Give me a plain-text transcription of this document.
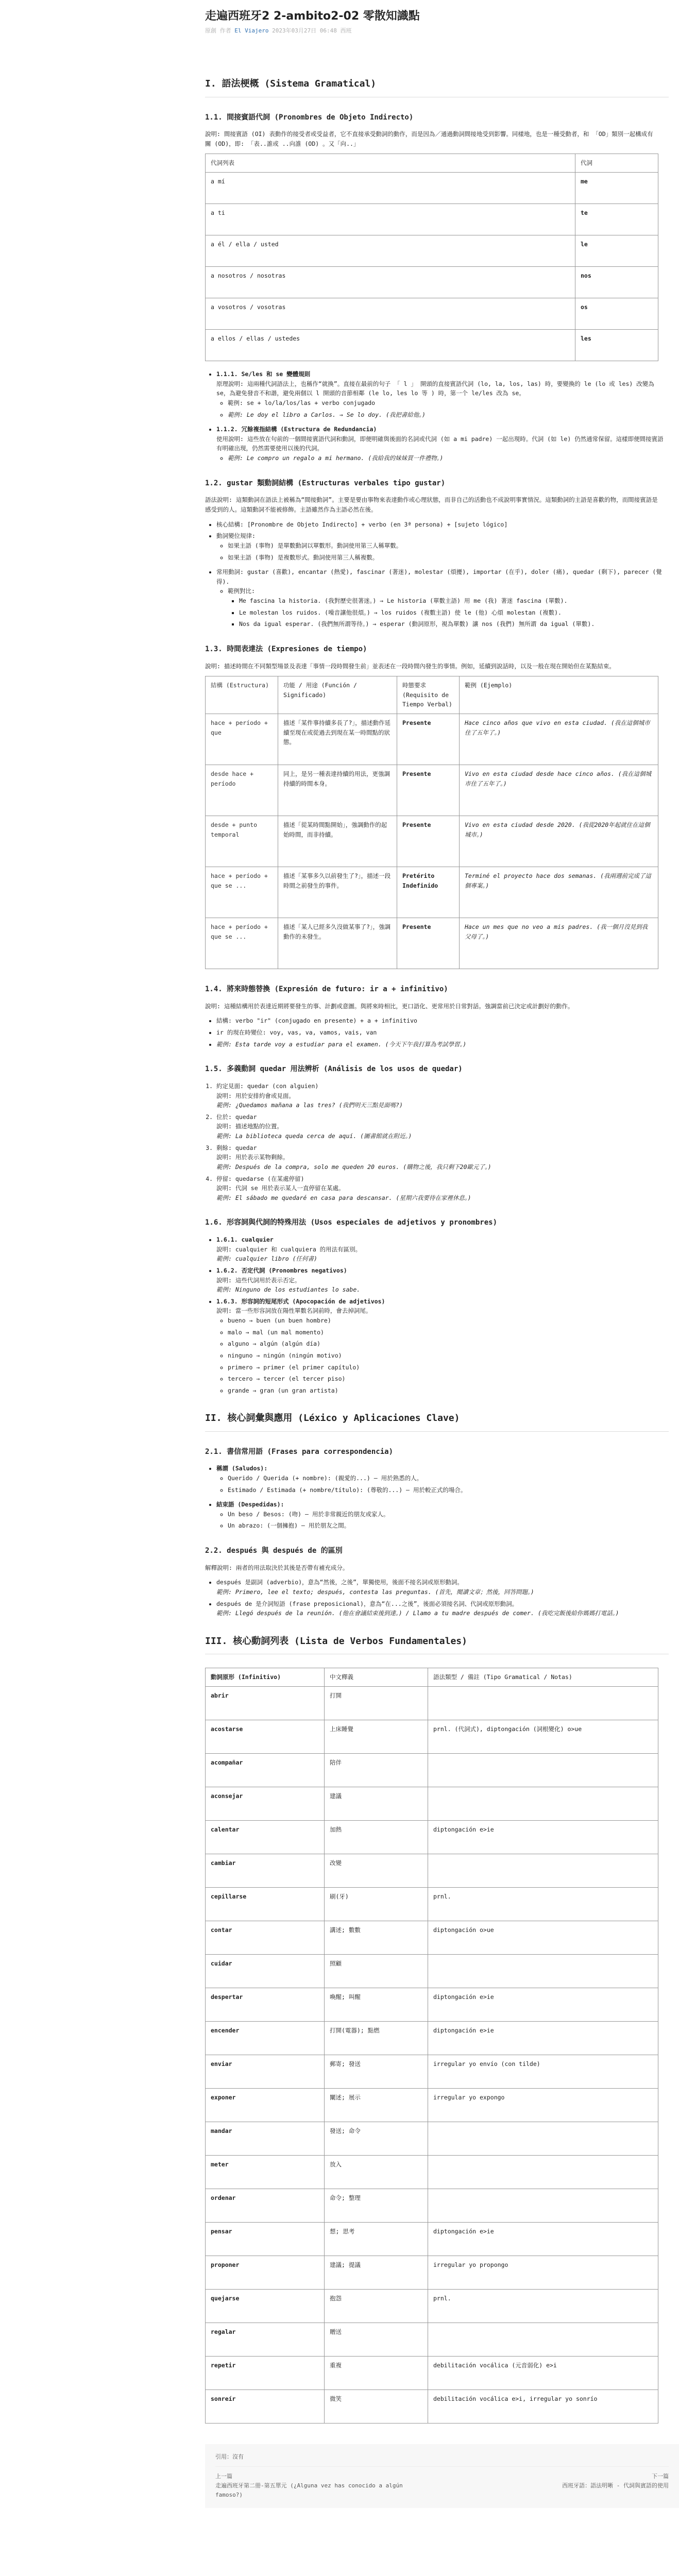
走遍西班牙2 2-ambito2-02 零散知識點
原創 作者 El Viajero 2023年03月27日 06:48 西班
I. 語法梗概 (Sistema Gramatical)
1.1. 間接賓語代詞 (Pronombres de Objeto Indirecto)

說明: 間接賓語 (OI) 表動作的接受者或受益者，它不直接承受動詞的動作，而是因為／通過動詞間接地受到影響。同樣地，也是一種受動者，和 「OD」類別一起構成有關 (OD)，即: 「表..誰或 ..向誰 (OD) 。又「向..」

代詞列表	代詞
a mí	me
a ti	te
a él / ella / usted	le
a nosotros / nosotras	nos
a vosotros / vosotras	os
a ellos / ellas / ustedes	les
• 1.1.1. Se/les 和 se 變體規則
原理說明: 這兩種代詞語法上，也稱作“就換”。直接在最前的句子 「 l 」 開頭的直接賓語代詞 (lo, la, los, las) 時，要變換的 le (lo 或 les) 改變為 se，為避免發音不和諧，避免兩個以 l 開頭的音節相鄰 (le lo, les lo 等 ) 時，第一个 le/les 改為 se。
◦ 範例: se + lo/la/los/las + verbo conjugado
◦ 範例: Le doy el libro a Carlos. → Se lo doy. (我把書給他。)
• 1.1.2. 冗餘複指結構 (Estructura de Redundancia)
使用說明: 這些放在句前的一個間接賓語代詞和動詞，即便明確與後面的名詞或代詞 (如 a mi padre) 一起出現時。代詞 (如 le) 仍然通常保留。這樣即便間接賓語有明確出現，仍然需要使用以後的代詞。
◦ 範例: Le compro un regalo a mi hermano. (我給我的妹妹買一件禮物。)
1.2. gustar 類動詞結構 (Estructuras verbales tipo gustar)

語法說明: 這類動詞在語法上被稱為“間接動詞”。主要是要由事物來表達動作或心理狀態，而非自己的活動也不成說明事實情況。這類動詞的主語是喜歡的物，而間接賓語是感受到的人。這類動詞不能被修飾。主語雖然作為主語必然在後。

• 核心結構: [Pronombre de Objeto Indirecto] + verbo (en 3ª persona) + [sujeto lógico]
• 動詞變位規律:
◦ 如果主語 (事物) 是單數動詞以單數形。動詞使用第三人稱單數。
◦ 如果主語 (事物) 是複數形式。動詞使用第三人稱複數。
• 常用動詞: gustar (喜歡), encantar (熱愛), fascinar (著迷), molestar (煩擾), importar (在乎), doler (痛), quedar (剩下), parecer (覺得).
◦ 範例對比:
▪ Me fascina la historia. (我對歷史很著迷。) → Le historia (單數主語) 用 me (我) 著迷 fascina (單數).
▪ Le molestan los ruidos. (噪音讓他很煩。) → los ruidos (複數主語) 使 le (他) 心煩 molestan (複數).
▪ Nos da igual esperar. (我們無所謂等待。) → esperar (動詞原形，視為單數) 讓 nos (我們) 無所謂 da igual (單數).
1.3. 時間表達法 (Expresiones de tiempo)

說明: 描述時間在不同類型場景及表達「事情一段時間發生前」並表述在一段時間內發生的事情。例如，延續到說話時，以及一般在現在開始但在某點結束。

結構 (Estructura)	功能 / 用途 (Función / Significado)	時態要求 (Requisito de Tiempo Verbal)	範例 (Ejemplo)
hace + período + que	描述「某件事持續多長了?」，描述動作延續至現在或從過去到現在某一時間點的狀態。	Presente	Hace cinco años que vivo en esta ciudad. (我在這個城市住了五年了。)
desde hace + período	同上，是另一種表達持續的用法，更強調持續的時間本身。	Presente	Vivo en esta ciudad desde hace cinco años. (我在這個城市住了五年了。)
desde + punto temporal	描述「從某時間點開始」，強調動作的起始時間，而非持續。	Presente	Vivo en esta ciudad desde 2020. (我從2020年起就住在這個城市。)
hace + período + que se ...	描述「某事多久以前發生了?」，描述一段時間之前發生的事件。	Pretérito Indefinido	Terminé el proyecto hace dos semanas. (我兩週前完成了這個專案。)
hace + período + que se ...	描述「某人已經多久沒做某事了?」，強調動作的未發生。	Presente	Hace un mes que no veo a mis padres. (我一個月沒見到我父母了。)
1.4. 將來時態替換 (Expresión de futuro: ir a + infinitivo)

說明: 這種結構用於表達近期將要發生的事、計劃或意圖。與將來時相比，更口語化、更常用於日常對話。強調當前已決定或計劃好的動作。

• 結構: verbo "ir" (conjugado en presente) + a + infinitivo
• ir 的現在時變位: voy, vas, va, vamos, vais, van
• 範例: Esta tarde voy a estudiar para el examen. (今天下午我打算為考試學習。)
1.5. 多義動詞 quedar 用法辨析 (Análisis de los usos de quedar)
1. 約定見面: quedar (con alguien)
說明: 用於安排約會或見面。
範例: ¿Quedamos mañana a las tres? (我們明天三點見面嗎?)
2. 位於: quedar
說明: 描述地點的位置。
範例: La biblioteca queda cerca de aquí. (圖書館就在附近。)
3. 剩餘: quedar
說明: 用於表示某物剩餘。
範例: Después de la compra, solo me queden 20 euros. (購物之後，我只剩下20歐元了。)
4. 停留: quedarse (在某處停留)
說明: 代詞 se 用於表示某人一直停留在某處。
範例: El sábado me quedaré en casa para descansar. (星期六我要待在家裡休息。)
1.6. 形容詞與代詞的特殊用法 (Usos especiales de adjetivos y pronombres)
• 1.6.1. cualquier
說明: cualquier 和 cualquiera 的用法有區別。
範例: cualquier libro (任何書)
• 1.6.2. 否定代詞 (Pronombres negativos)
說明: 這些代詞用於表示否定。
範例: Ninguno de los estudiantes lo sabe.
• 1.6.3. 形容詞的短尾形式 (Apocopación de adjetivos)
說明: 當一些形容詞放在陽性單數名詞前時，會去掉詞尾。
◦ bueno → buen (un buen hombre)
◦ malo → mal (un mal momento)
◦ alguno → algún (algún día)
◦ ninguno → ningún (ningún motivo)
◦ primero → primer (el primer capítulo)
◦ tercero → tercer (el tercer piso)
◦ grande → gran (un gran artista)
II. 核心詞彙與應用 (Léxico y Aplicaciones Clave)
2.1. 書信常用語 (Frases para correspondencia)
• 稱謂 (Saludos):
◦ Querido / Querida (+ nombre): (親愛的...) — 用於熟悉的人。
◦ Estimado / Estimada (+ nombre/título): (尊敬的...) — 用於較正式的場合。
• 結束語 (Despedidas):
◦ Un beso / Besos: (吻) — 用於非常親近的朋友或家人。
◦ Un abrazo: (一個擁抱) — 用於朋友之間。
2.2. después 與 después de 的區別

解釋說明: 兩者的用法取決於其後是否帶有補充成分。

• después 是副詞 (adverbio)，意為“然後，之後”，單獨使用，後面不接名詞或原形動詞。
範例: Primero, lee el texto; después, contesta las preguntas. (首先，閱讀文章；然後，回答問題。)
• después de 是介詞短語 (frase preposicional)，意為“在...之後”，後面必須接名詞、代詞或原形動詞。
範例: Llegó después de la reunión. (他在會議結束後到達。) / Llamo a tu madre después de comer. (我吃完飯後給你媽媽打電話。)
III. 核心動詞列表 (Lista de Verbos Fundamentales)
動詞原形 (Infinitivo)	中文釋義	語法類型 / 備註 (Tipo Gramatical / Notas)
abrir	打開	
acostarse	上床睡覺	prnl. (代詞式), diptongación (詞根變化) o>ue
acompañar	陪伴	
aconsejar	建議	
calentar	加熱	diptongación e>ie
cambiar	改變	
cepillarse	刷(牙)	prnl.
contar	講述; 數數	diptongación o>ue
cuidar	照顧	
despertar	喚醒; 叫醒	diptongación e>ie
encender	打開(電器); 點燃	diptongación e>ie
enviar	郵寄; 發送	irregular yo envío (con tilde)
exponer	闡述; 展示	irregular yo expongo
mandar	發送; 命令	
meter	放入	
ordenar	命令; 整理	
pensar	想; 思考	diptongación e>ie
proponer	建議; 提議	irregular yo propongo
quejarse	抱怨	prnl.
regalar	贈送	
repetir	重複	debilitación vocálica (元音弱化) e>i
sonreír	微笑	debilitación vocálica e>i, irregular yo sonrío
引用：沒有
上一篇
走遍西班牙第二冊-第五單元 (¿Alguna vez has conocido a algún famoso?)
下一篇
西班牙語：語法明晰 - 代詞與賓語的使用
